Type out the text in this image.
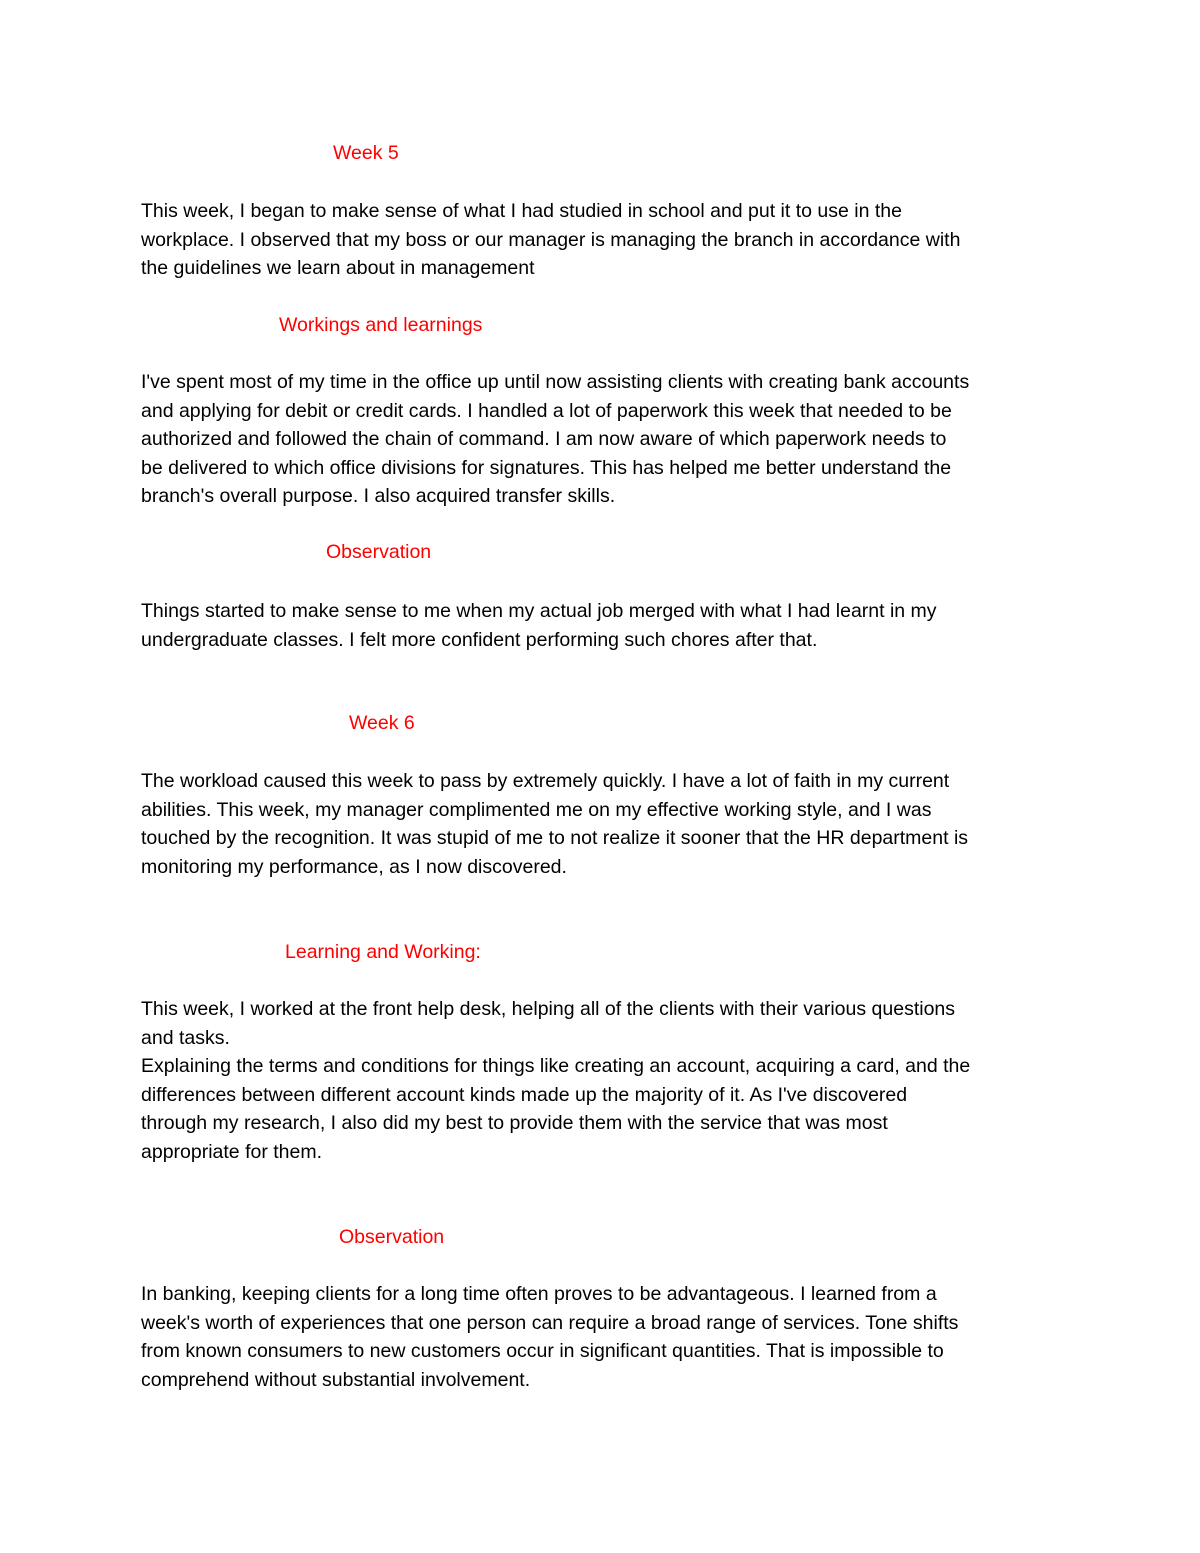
Week 5
This week, I began to make sense of what I had studied in school and put it to use in the
workplace. I observed that my boss or our manager is managing the branch in accordance with
the guidelines we learn about in management
Workings and learnings
I've spent most of my time in the office up until now assisting clients with creating bank accounts
and applying for debit or credit cards. I handled a lot of paperwork this week that needed to be
authorized and followed the chain of command. I am now aware of which paperwork needs to
be delivered to which office divisions for signatures. This has helped me better understand the
branch's overall purpose. I also acquired transfer skills.
Observation
Things started to make sense to me when my actual job merged with what I had learnt in my
undergraduate classes. I felt more confident performing such chores after that.
Week 6
The workload caused this week to pass by extremely quickly. I have a lot of faith in my current
abilities. This week, my manager complimented me on my effective working style, and I was
touched by the recognition. It was stupid of me to not realize it sooner that the HR department is
monitoring my performance, as I now discovered.
Learning and Working:
This week, I worked at the front help desk, helping all of the clients with their various questions
and tasks.
Explaining the terms and conditions for things like creating an account, acquiring a card, and the
differences between different account kinds made up the majority of it. As I've discovered
through my research, I also did my best to provide them with the service that was most
appropriate for them.
Observation
In banking, keeping clients for a long time often proves to be advantageous. I learned from a
week's worth of experiences that one person can require a broad range of services. Tone shifts
from known consumers to new customers occur in significant quantities. That is impossible to
comprehend without substantial involvement.
